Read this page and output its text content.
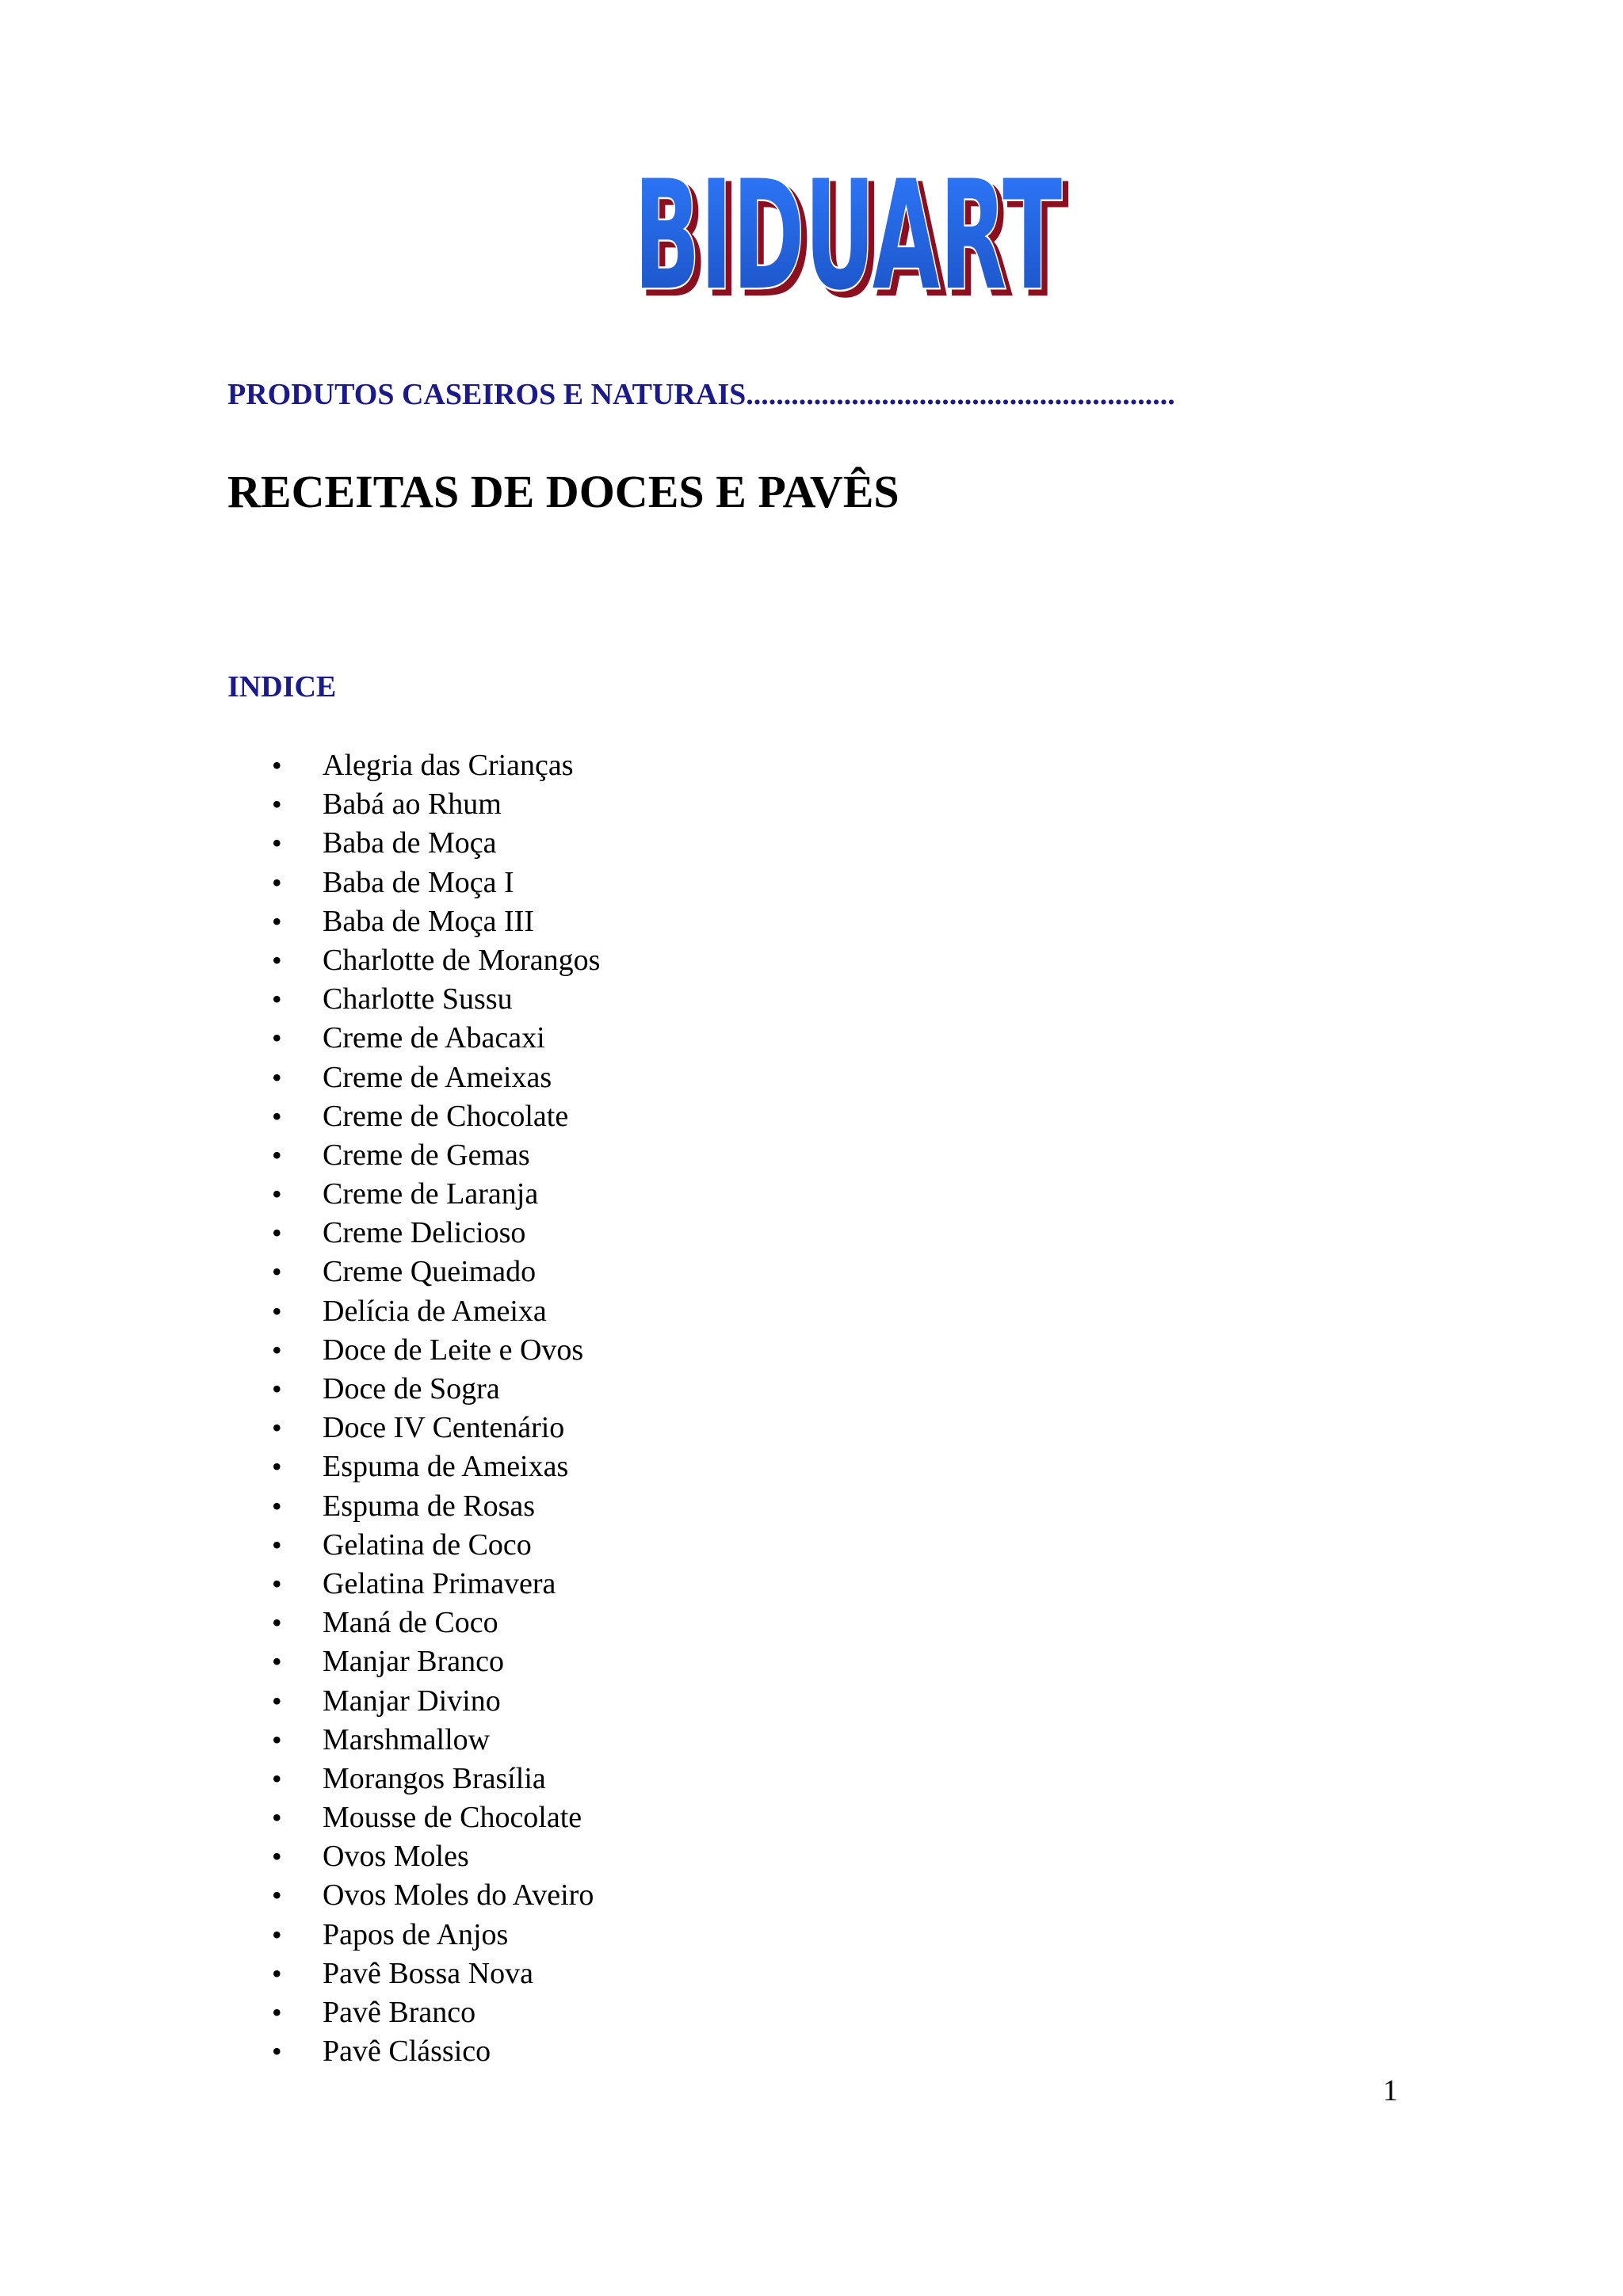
BIDUART
BIDUART
PRODUTOS CASEIROS E NATURAIS.........................................................
RECEITAS DE DOCES E PAVÊS
INDICE
•	Alegria das Crianças
•	Babá ao Rhum
•	Baba de Moça
•	Baba de Moça I
•	Baba de Moça III
•	Charlotte de Morangos
•	Charlotte Sussu
•	Creme de Abacaxi
•	Creme de Ameixas
•	Creme de Chocolate
•	Creme de Gemas
•	Creme de Laranja
•	Creme Delicioso
•	Creme Queimado
•	Delícia de Ameixa
•	Doce de Leite e Ovos
•	Doce de Sogra
•	Doce IV Centenário
•	Espuma de Ameixas
•	Espuma de Rosas
•	Gelatina de Coco
•	Gelatina Primavera
•	Maná de Coco
•	Manjar Branco
•	Manjar Divino
•	Marshmallow
•	Morangos Brasília
•	Mousse de Chocolate
•	Ovos Moles
•	Ovos Moles do Aveiro
•	Papos de Anjos
•	Pavê Bossa Nova
•	Pavê Branco
•	Pavê Clássico
1
